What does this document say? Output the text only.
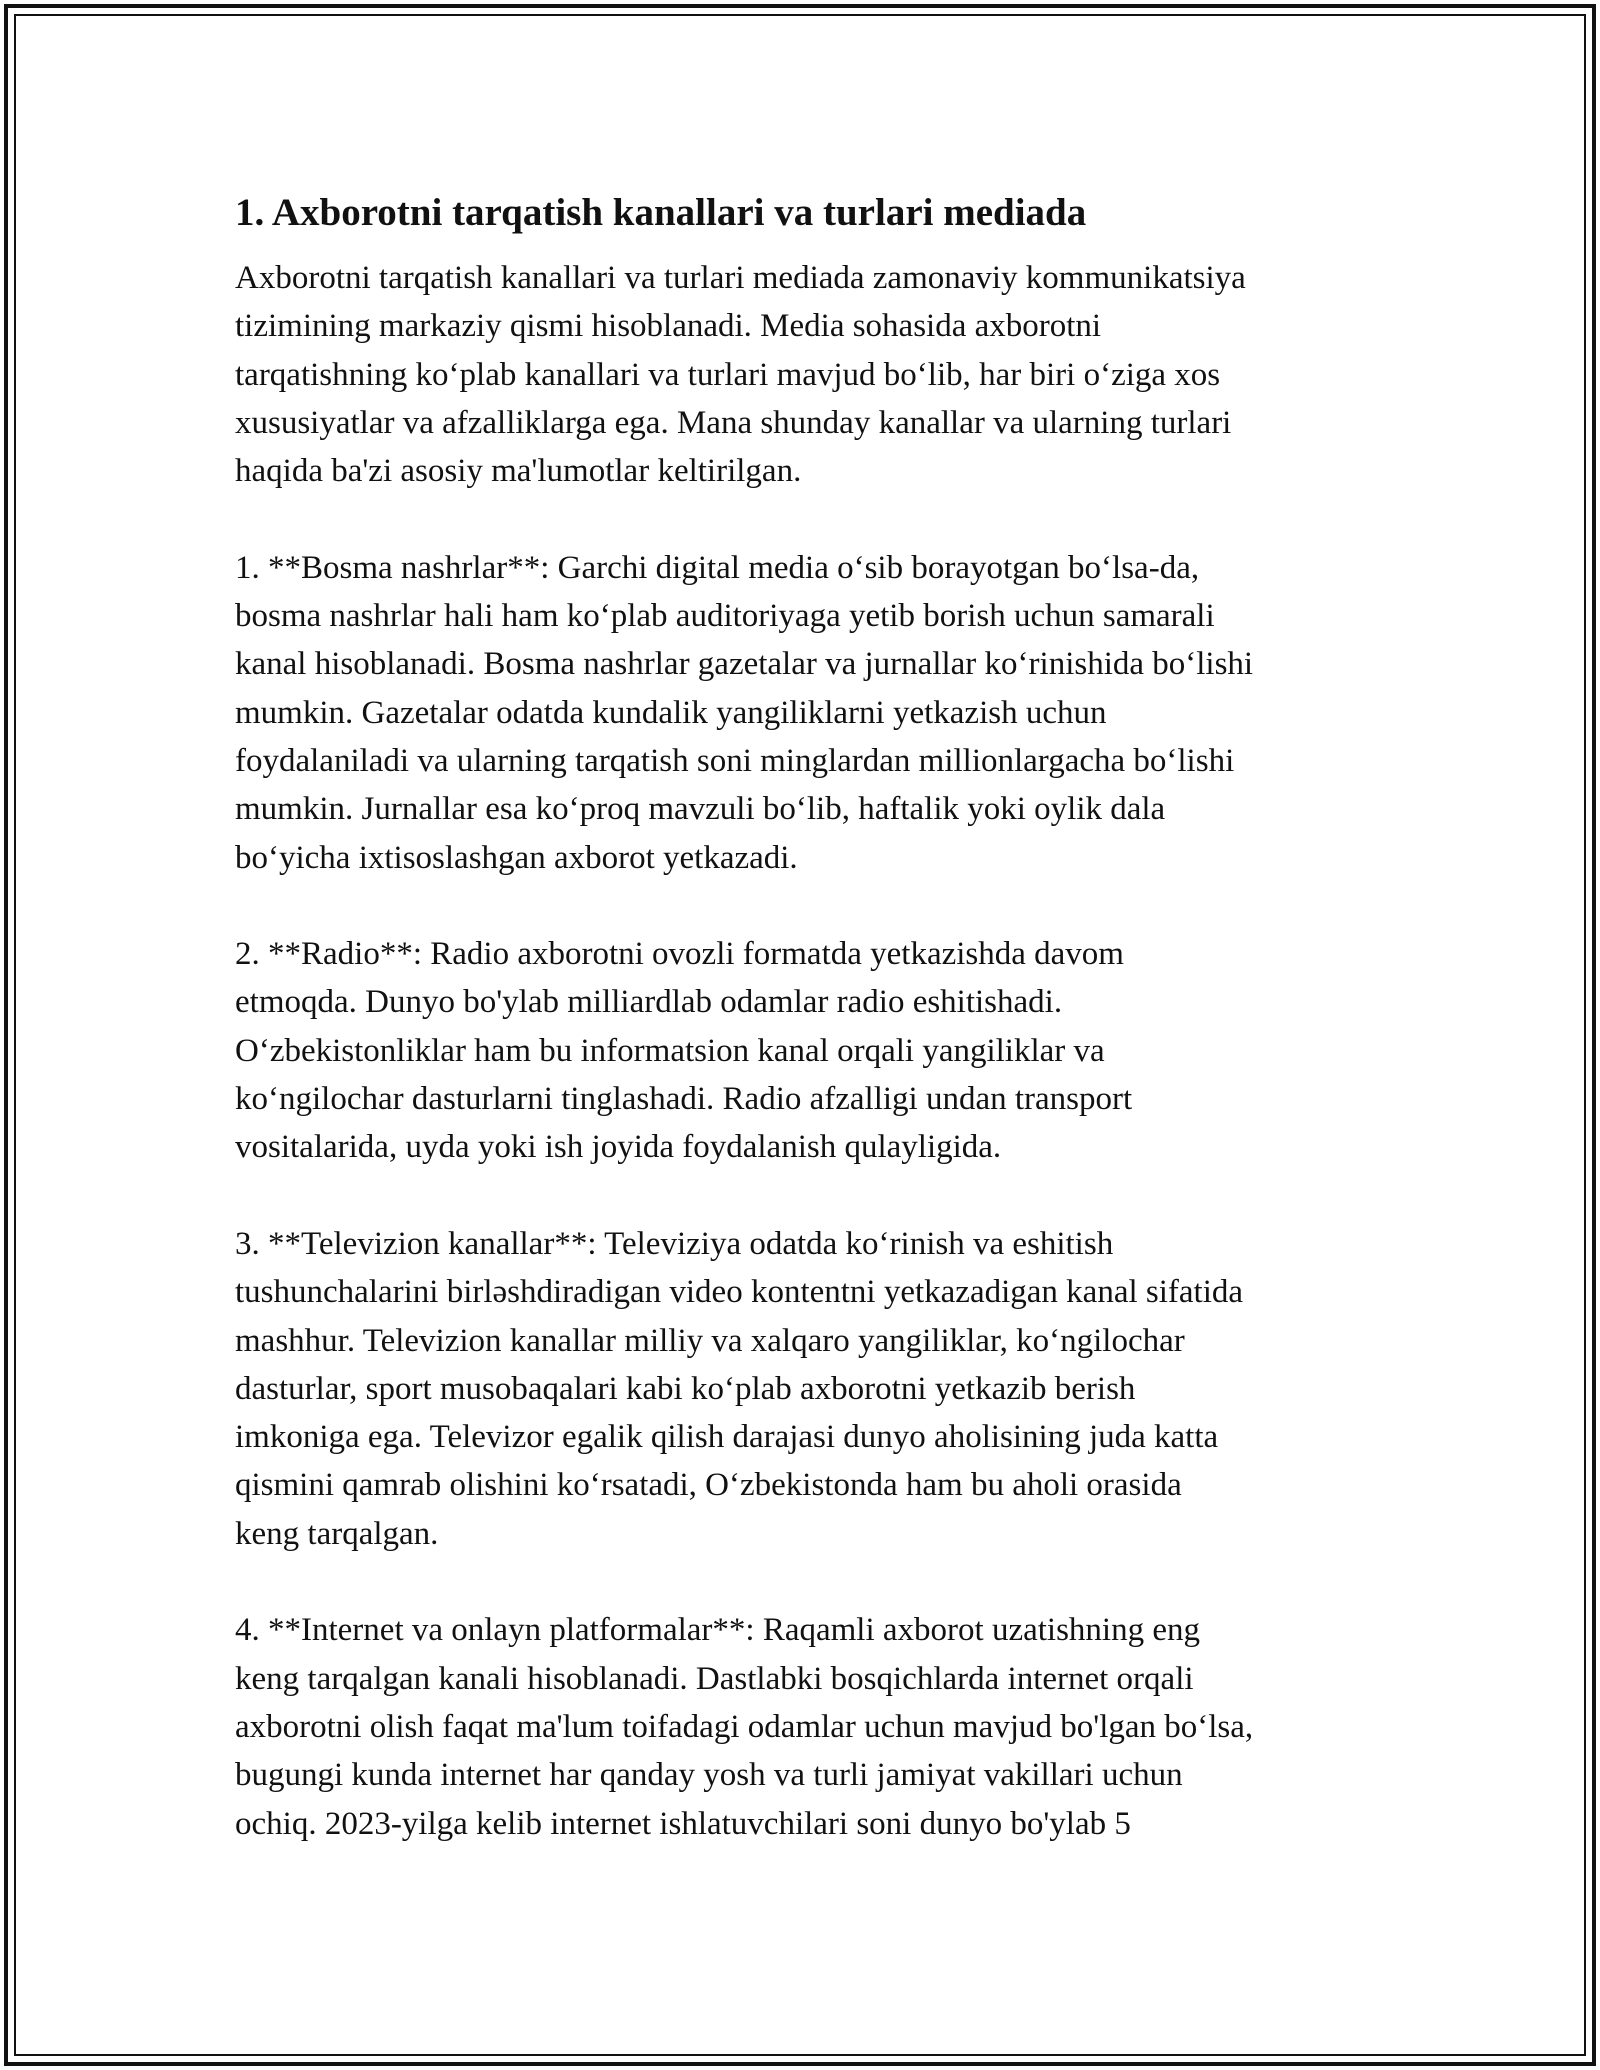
1. Axborotni tarqatish kanallari va turlari mediada
Axborotni tarqatish kanallari va turlari mediada zamonaviy kommunikatsiya
tizimining markaziy qismi hisoblanadi. Media sohasida axborotni
tarqatishning koʻplab kanallari va turlari mavjud boʻlib, har biri oʻziga xos
xususiyatlar va afzalliklarga ega. Mana shunday kanallar va ularning turlari
haqida ba'zi asosiy ma'lumotlar keltirilgan.
1. **Bosma nashrlar**: Garchi digital media oʻsib borayotgan boʻlsa-da,
bosma nashrlar hali ham koʻplab auditoriyaga yetib borish uchun samarali
kanal hisoblanadi. Bosma nashrlar gazetalar va jurnallar koʻrinishida boʻlishi
mumkin. Gazetalar odatda kundalik yangiliklarni yetkazish uchun
foydalaniladi va ularning tarqatish soni minglardan millionlargacha boʻlishi
mumkin. Jurnallar esa koʻproq mavzuli boʻlib, haftalik yoki oylik dala
boʻyicha ixtisoslashgan axborot yetkazadi.
2. **Radio**: Radio axborotni ovozli formatda yetkazishda davom
etmoqda. Dunyo bo'ylab milliardlab odamlar radio eshitishadi.
Oʻzbekistonliklar ham bu informatsion kanal orqali yangiliklar va
koʻngilochar dasturlarni tinglashadi. Radio afzalligi undan transport
vositalarida, uyda yoki ish joyida foydalanish qulayligida.
3. **Televizion kanallar**: Televiziya odatda koʻrinish va eshitish
tushunchalarini birləshdiradigan video kontentni yetkazadigan kanal sifatida
mashhur. Televizion kanallar milliy va xalqaro yangiliklar, koʻngilochar
dasturlar, sport musobaqalari kabi koʻplab axborotni yetkazib berish
imkoniga ega. Televizor egalik qilish darajasi dunyo aholisining juda katta
qismini qamrab olishini koʻrsatadi, Oʻzbekistonda ham bu aholi orasida
keng tarqalgan.
4. **Internet va onlayn platformalar**: Raqamli axborot uzatishning eng
keng tarqalgan kanali hisoblanadi. Dastlabki bosqichlarda internet orqali
axborotni olish faqat ma'lum toifadagi odamlar uchun mavjud bo'lgan boʻlsa,
bugungi kunda internet har qanday yosh va turli jamiyat vakillari uchun
ochiq. 2023-yilga kelib internet ishlatuvchilari soni dunyo bo'ylab 5
